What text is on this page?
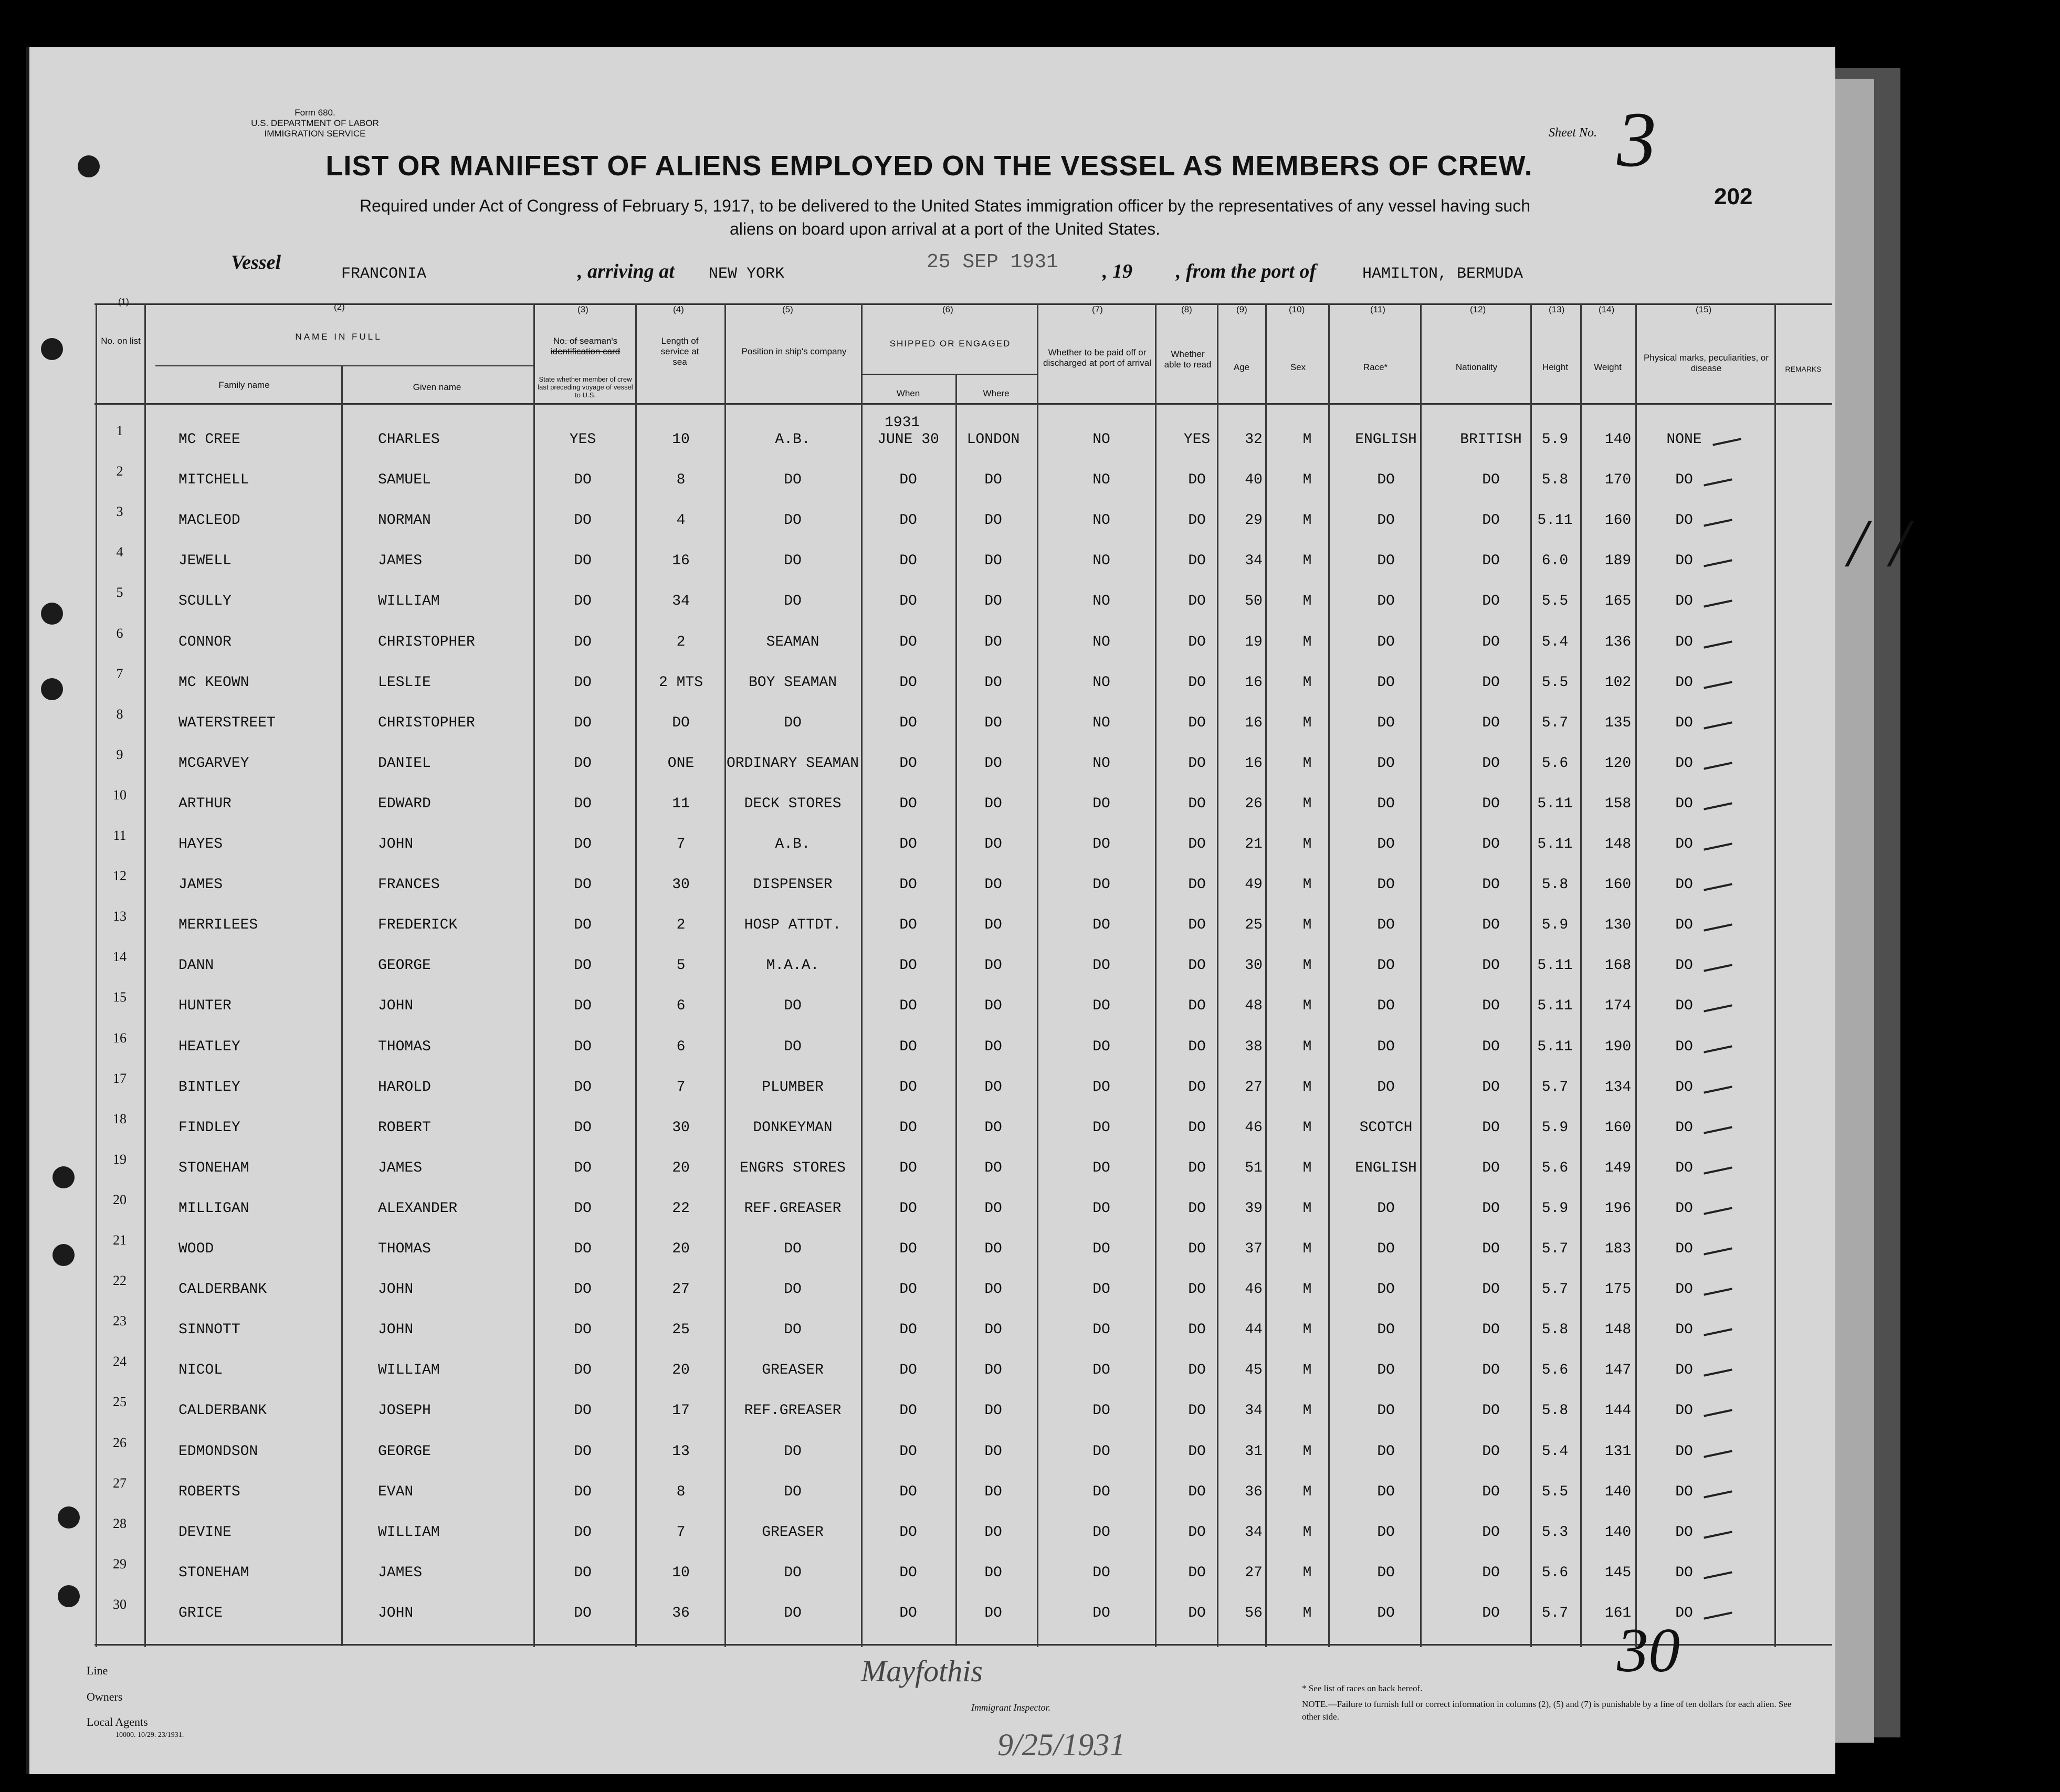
Form 680.
U.S. DEPARTMENT OF LABOR
IMMIGRATION SERVICE	Sheet No. 3
202
LIST OR MANIFEST OF ALIENS EMPLOYED ON THE VESSEL AS MEMBERS OF CREW.
Required under Act of Congress of February 5, 1917, to be delivered to the United States immigration officer by the representatives of any vessel having such
aliens on board upon arrival at a port of the United States.
Vessel
FRANCONIA	, arriving at NEW YORK
25 SEP 1931 , 19 , from the port of	HAMILTON, BERMUDA
(1)
(2)	(3)	(4)	(5)	(6)	(7)	(8)	(9)	(10)	(11)	(12)	(13)	(14)	(15)
No. on list	NAME IN FULL
Family name	Given name
No. of seaman's identification card
State whether member of crew last preceding voyage of vessel to U.S.
Length of service at sea
Position in ship's company
SHIPPED OR ENGAGED
When	Where
Whether to be paid off or discharged at port of arrival
Whether able to read	Age	Sex	Race*	Nationality	Height	Weight
Physical marks, peculiarities, or disease	REMARKS
1931
1
MC CREE	CHARLES	YES	10	A.B.	JUNE 30	LONDON	NO	YES	32	M	ENGLISH	BRITISH	5.9	140	NONE
2
MITCHELL	SAMUEL	DO	8	DO	DO	DO	NO	DO	40	M	DO	DO	5.8	170	DO
3
MACLEOD	NORMAN	DO	4	DO	DO	DO	NO	DO	29	M	DO	DO	5.11	160	DO
4
JEWELL	JAMES	DO	16	DO	DO	DO	NO	DO	34	M	DO	DO	6.0	189	DO
5
SCULLY	WILLIAM	DO	34	DO	DO	DO	NO	DO	50	M	DO	DO	5.5	165	DO
6
CONNOR	CHRISTOPHER	DO	2	SEAMAN	DO	DO	NO	DO	19	M	DO	DO	5.4	136	DO
7
MC KEOWN	LESLIE	DO	2 MTS	BOY SEAMAN	DO	DO	NO	DO	16	M	DO	DO	5.5	102	DO
8
WATERSTREET	CHRISTOPHER	DO	DO	DO	DO	DO	NO	DO	16	M	DO	DO	5.7	135	DO
9
MCGARVEY	DANIEL	DO	ONE	ORDINARY SEAMAN	DO	DO	NO	DO	16	M	DO	DO	5.6	120	DO
10
ARTHUR	EDWARD	DO	11	DECK STORES	DO	DO	DO	DO	26	M	DO	DO	5.11	158	DO
11
HAYES	JOHN	DO	7	A.B.	DO	DO	DO	DO	21	M	DO	DO	5.11	148	DO
12
JAMES	FRANCES	DO	30	DISPENSER	DO	DO	DO	DO	49	M	DO	DO	5.8	160	DO
13
MERRILEES	FREDERICK	DO	2	HOSP ATTDT.	DO	DO	DO	DO	25	M	DO	DO	5.9	130	DO
14
DANN	GEORGE	DO	5	M.A.A.	DO	DO	DO	DO	30	M	DO	DO	5.11	168	DO
15
HUNTER	JOHN	DO	6	DO	DO	DO	DO	DO	48	M	DO	DO	5.11	174	DO
16
HEATLEY	THOMAS	DO	6	DO	DO	DO	DO	DO	38	M	DO	DO	5.11	190	DO
17
BINTLEY	HAROLD	DO	7	PLUMBER	DO	DO	DO	DO	27	M	DO	DO	5.7	134	DO
18
FINDLEY	ROBERT	DO	30	DONKEYMAN	DO	DO	DO	DO	46	M	SCOTCH	DO	5.9	160	DO
19
STONEHAM	JAMES	DO	20	ENGRS STORES	DO	DO	DO	DO	51	M	ENGLISH	DO	5.6	149	DO
20
MILLIGAN	ALEXANDER	DO	22	REF.GREASER	DO	DO	DO	DO	39	M	DO	DO	5.9	196	DO
21
WOOD	THOMAS	DO	20	DO	DO	DO	DO	DO	37	M	DO	DO	5.7	183	DO
22
CALDERBANK	JOHN	DO	27	DO	DO	DO	DO	DO	46	M	DO	DO	5.7	175	DO
23
SINNOTT	JOHN	DO	25	DO	DO	DO	DO	DO	44	M	DO	DO	5.8	148	DO
24
NICOL	WILLIAM	DO	20	GREASER	DO	DO	DO	DO	45	M	DO	DO	5.6	147	DO
25
CALDERBANK	JOSEPH	DO	17	REF.GREASER	DO	DO	DO	DO	34	M	DO	DO	5.8	144	DO
26
EDMONDSON	GEORGE	DO	13	DO	DO	DO	DO	DO	31	M	DO	DO	5.4	131	DO
27
ROBERTS	EVAN	DO	8	DO	DO	DO	DO	DO	36	M	DO	DO	5.5	140	DO
28
DEVINE	WILLIAM	DO	7	GREASER	DO	DO	DO	DO	34	M	DO	DO	5.3	140	DO
29
STONEHAM	JAMES	DO	10	DO	DO	DO	DO	DO	27	M	DO	DO	5.6	145	DO
30
GRICE	JOHN	DO	36	DO	DO	DO	DO	DO	56	M	DO	DO	5.7	161	DO
Line
Owners
Local Agents
10000. 10/29. 23/1931.
Mayfothis
Immigrant Inspector.
9/25/1931
* See list of races on back hereof.
NOTE.—Failure to furnish full or correct information in columns (2), (5) and (7) is punishable by a fine of ten dollars for each alien. See other side.
30
/ /
